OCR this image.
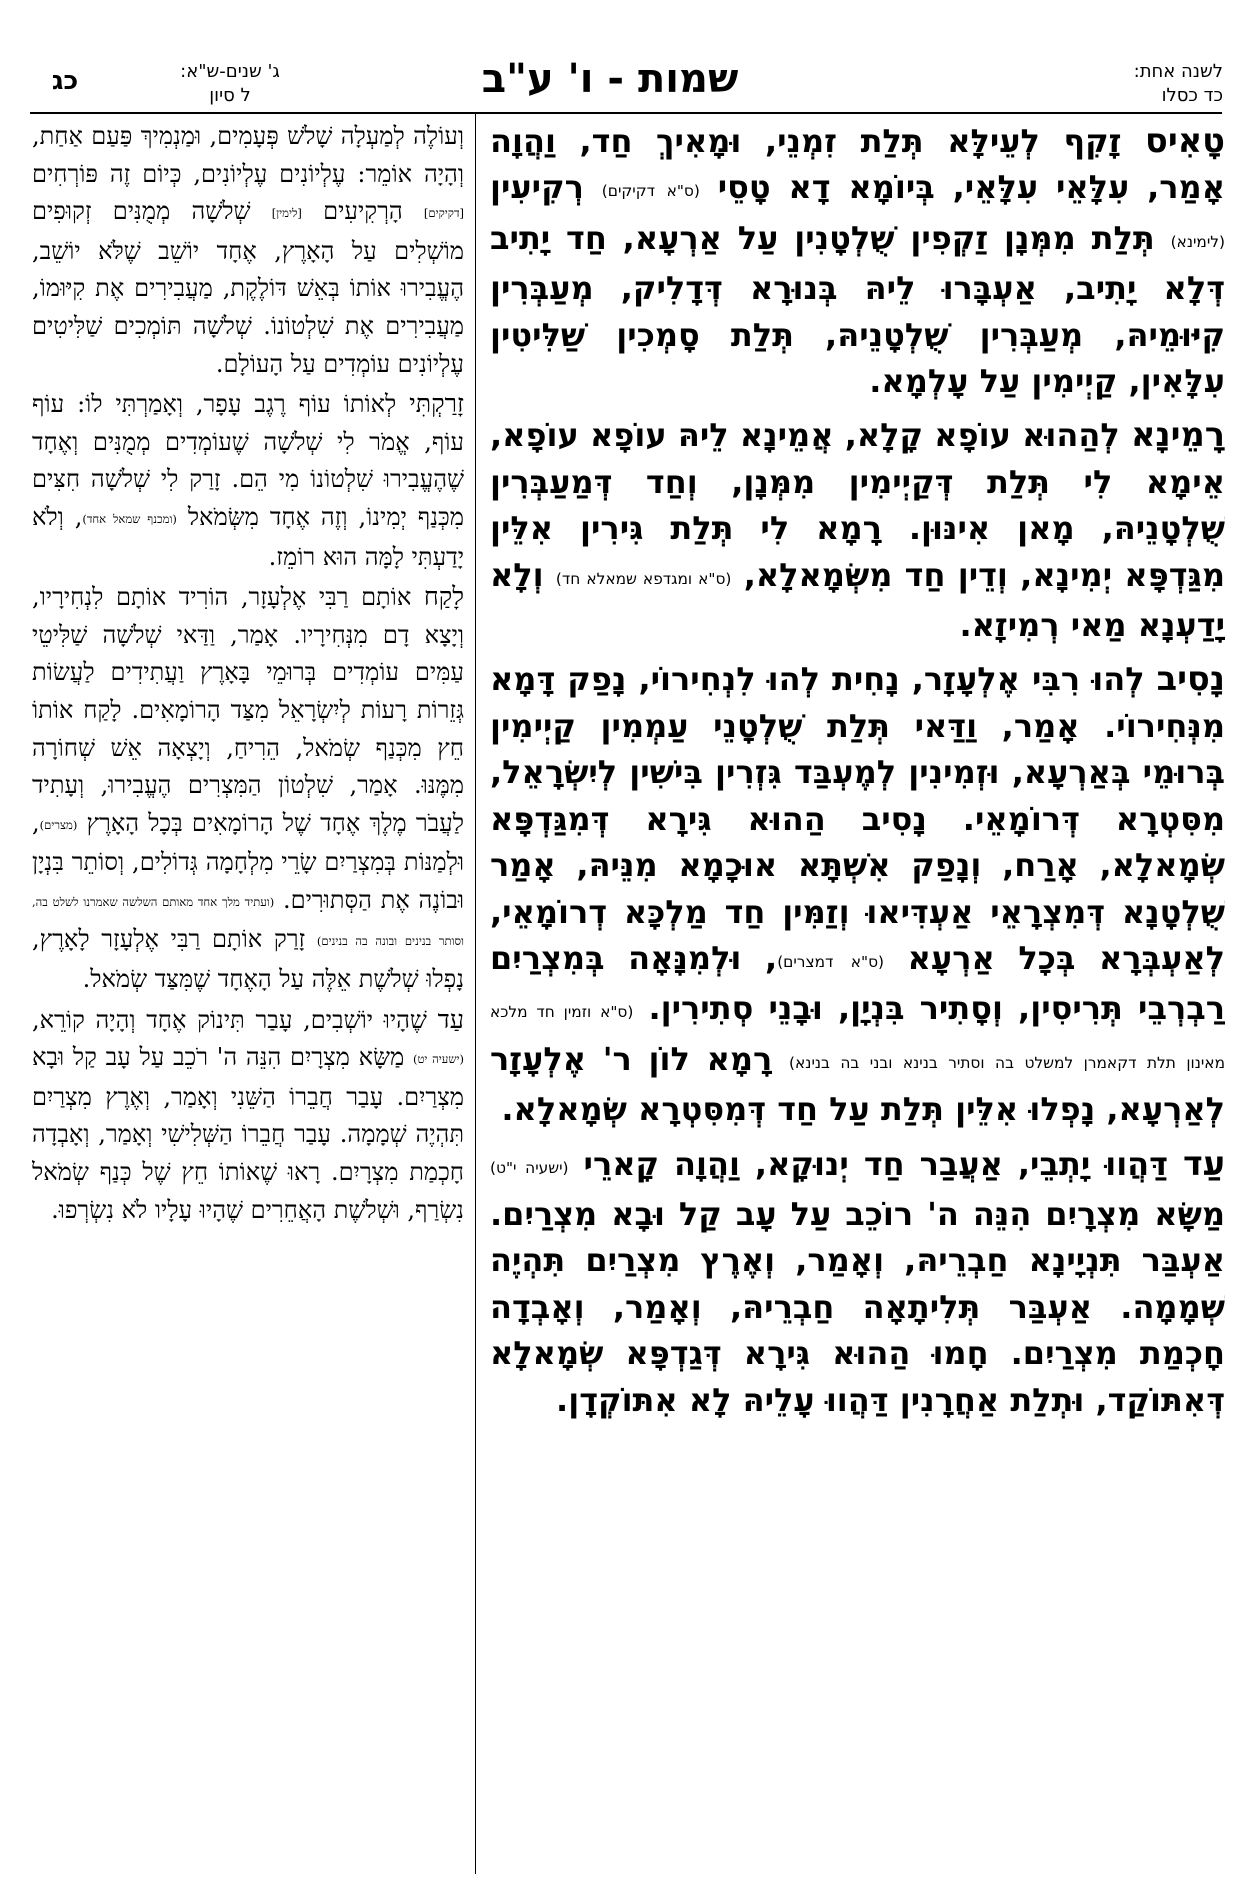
לשנה אחת:
כד כסלו
שמות - ו' ע"ב
ג' שנים-ש"א:
ל סיון
כג

טָאִיס זָקִף לְעֵילָּא תְּלַת זִמְנֵי, וּמָאִיךְ חַד, וַהֲוָה אָמַר, עִלָּאֵי עִלָּאֵי, בְּיוֹמָא דָא טָסֵי (ס"א דקיקים) רְקִיעִין (לימינא) תְּלַת מִמְּנָן זַקְפִין שֻׁלְטָנִין עַל אַרְעָא, חַד יָתִיב דְּלָא יָתִיב, אַעְבָּרוּ לֵיהּ בְּנוּרָא דְּדָלִיק, מְעַבְּרִין קִיּוּמֵיהּ, מְעַבְּרִין שֻׁלְטָנֵיהּ, תְּלַת סָמְכִין שַׁלִּיטִין עִלָּאִין, קַיְימִין עַל עָלְמָא.

רָמֵינָא לְהַהוּא עוֹפָא קָלָא, אֲמֵינָא לֵיהּ עוֹפָא עוֹפָא, אֵימָא לִי תְּלַת דְּקַיְימִין מִמְּנָן, וְחַד דְּמַעַבְּרִין שֻׁלְטָנֵיהּ, מָאן אִינּוּן. רָמָא לִי תְּלַת גִּירִין אִלֵּין מִגַּדְפָּא יְמִינָא, וְדֵין חַד מִשְּׂמָאלָא, (ס"א ומגדפא שמאלא חד) וְלָא יָדַעְנָא מַאי רְמִיזָא.

נָסִיב לְהוּ רִבִּי אֶלְעָזָר, נָחִית לְהוּ לִנְחִירוֹי, נָפַק דָּמָא מִנְּחִירוֹי. אָמַר, וַדַּאי תְּלַת שֻׁלְטָנֵי עַמְמִין קַיְימִין בְּרוּמֵי בְּאַרְעָא, וּזְמִינִין לְמֶעְבַּד גִּזְרִין בִּישִׁין לְיִשְׂרָאֵל, מִסִּטְרָא דְּרוֹמָאֵי. נָסִיב הַהוּא גִּירָא דְּמִגַּדְפָּא שְׂמָאלָא, אָרַח, וְנָפַק אִשְׁתָּא אוּכָמָא מִנֵּיהּ, אָמַר שֻׁלְטָנָא דְּמִצְרָאֵי אַעְדִּיאוּ וְזַמִּין חַד מַלְכָּא דְרוֹמָאֵי, לְאַעְבְּרָא בְּכָל אַרְעָא (ס"א דמצרים), וּלְמִנָּאָה בְּמִצְרַיִם רַבְרְבֵי תְּרִיסִין, וְסָתִיר בִּנְיָן, וּבָנֵי סְתִירִין. (ס"א וזמין חד מלכא מאינון תלת דקאמרן למשלט בה וסתיר בנינא ובני בה בנינא) רָמָא לוֹן ר' אֶלְעָזָר לְאַרְעָא, נָפְלוּ אִלֵּין תְּלַת עַל חַד דְּמִסִּטְרָא שְׂמָאלָא.

עַד דַּהֲווּ יָתְבֵי, אַעֲבַר חַד יְנוּקָא, וַהֲוָה קָארֵי (ישעיה י"ט) מַשָּׂא מִצְרָיִם הִנֵּה ה' רוֹכֵב עַל עָב קַל וּבָא מִצְרַיִם. אַעְבַּר תִּנְיָינָא חַבְרֵיהּ, וְאָמַר, וְאֶרֶץ מִצְרַיִם תִּהְיֶה שְׁמָמָה. אַעְבַּר תְּלִיתָאָה חַבְרֵיהּ, וְאָמַר, וְאָבְדָה חָכְמַת מִצְרַיִם. חָמוּ הַהוּא גִּירָא דְּגַדְפָּא שְׂמָאלָא דְּאִתּוֹקַד, וּתְלַת אַחֲרָנִין דַּהֲווּ עָלֵיהּ לָא אִתּוֹקְדָן.

וְעוֹלֶה לְמַעְלָה שָׁלֹשׁ פְּעָמִים, וּמַנְמִיךְ פַּעַם אַחַת, וְהָיָה אוֹמֵר: עֶלְיוֹנִים עֶלְיוֹנִים, כְּיוֹם זֶה פּוֹרְחִים [דקיקים] הָרְקִיעִים [לימין] שְׁלֹשָׁה מְמֻנִּים זְקוּפִים מוֹשְׁלִים עַל הָאָרֶץ, אֶחָד יוֹשֵׁב שֶׁלֹּא יוֹשֵׁב, הֶעֱבִירוּ אוֹתוֹ בְּאֵשׁ דּוֹלֶקֶת, מַעֲבִירִים אֶת קִיּוּמוֹ, מַעֲבִירִים אֶת שִׁלְטוֹנוֹ. שְׁלֹשָׁה תּוֹמְכִים שַׁלִּיטִים עֶלְיוֹנִים עוֹמְדִים עַל הָעוֹלָם.

זָרַקְתִּי לְאוֹתוֹ עוֹף רֶגֶב עָפָר, וְאָמַרְתִּי לוֹ: עוֹף עוֹף, אֱמֹר לִי שְׁלֹשָׁה שֶׁעוֹמְדִים מְמֻנִּים וְאֶחָד שֶׁהֶעֱבִירוּ שִׁלְטוֹנוֹ מִי הֵם. זָרַק לִי שְׁלֹשָׁה חִצִּים מִכְּנַף יְמִינוֹ, וְזֶה אֶחָד מִשְּׂמֹאל (ומכנף שמאל אחד), וְלֹא יָדַעְתִּי לָמָּה הוּא רוֹמֵז.

לָקַח אוֹתָם רַבִּי אֶלְעָזָר, הוֹרִיד אוֹתָם לִנְחִירָיו, וְיָצָא דָם מִנְּחִירָיו. אָמַר, וַדַּאי שְׁלֹשָׁה שַׁלִּיטֵי עַמִּים עוֹמְדִים בְּרוּמֵי בָּאָרֶץ וַעֲתִידִים לַעֲשׂוֹת גְּזֵרוֹת רָעוֹת לְיִשְׂרָאֵל מִצַּד הָרוֹמָאִים. לָקַח אוֹתוֹ חֵץ מִכְּנַף שְׂמֹאל, הֵרִיחַ, וְיָצְאָה אֵשׁ שְׁחוֹרָה מִמֶּנּוּ. אָמַר, שִׁלְטוֹן הַמִּצְרִים הֶעֱבִירוּ, וְעָתִיד לַעֲבֹר מֶלֶךְ אֶחָד שֶׁל הָרוֹמָאִים בְּכָל הָאָרֶץ (מצרים), וּלְמַנּוֹת בְּמִצְרַיִם שָׂרֵי מִלְחָמָה גְּדוֹלִים, וְסוֹתֵר בִּנְיָן וּבוֹנֶה אֶת הַסְּתוּרִים. (ועתיד מלך אחד מאותם השלשה שאמרנו לשלט בה, וסותר בנינים ובונה בה בנינים) זָרַק אוֹתָם רַבִּי אֶלְעָזָר לָאָרֶץ, נָפְלוּ שְׁלֹשֶׁת אֵלֶּה עַל הָאֶחָד שֶׁמִּצַּד שְׂמֹאל.

עַד שֶׁהָיוּ יוֹשְׁבִים, עָבַר תִּינוֹק אֶחָד וְהָיָה קוֹרֵא, (ישעיה יט) מַשָּׂא מִצְרָיִם הִנֵּה ה' רֹכֵב עַל עָב קַל וּבָא מִצְרַיִם. עָבַר חֲבֵרוֹ הַשֵּׁנִי וְאָמַר, וְאֶרֶץ מִצְרַיִם תִּהְיֶה שְׁמָמָה. עָבַר חֲבֵרוֹ הַשְּׁלִישִׁי וְאָמַר, וְאָבְדָה חָכְמַת מִצְרָיִם. רָאוּ שֶׁאוֹתוֹ חֵץ שֶׁל כְּנַף שְׂמֹאל נִשְׂרַף, וּשְׁלֹשֶׁת הָאֲחֵרִים שֶׁהָיוּ עָלָיו לֹא נִשְׂרְפוּ.
